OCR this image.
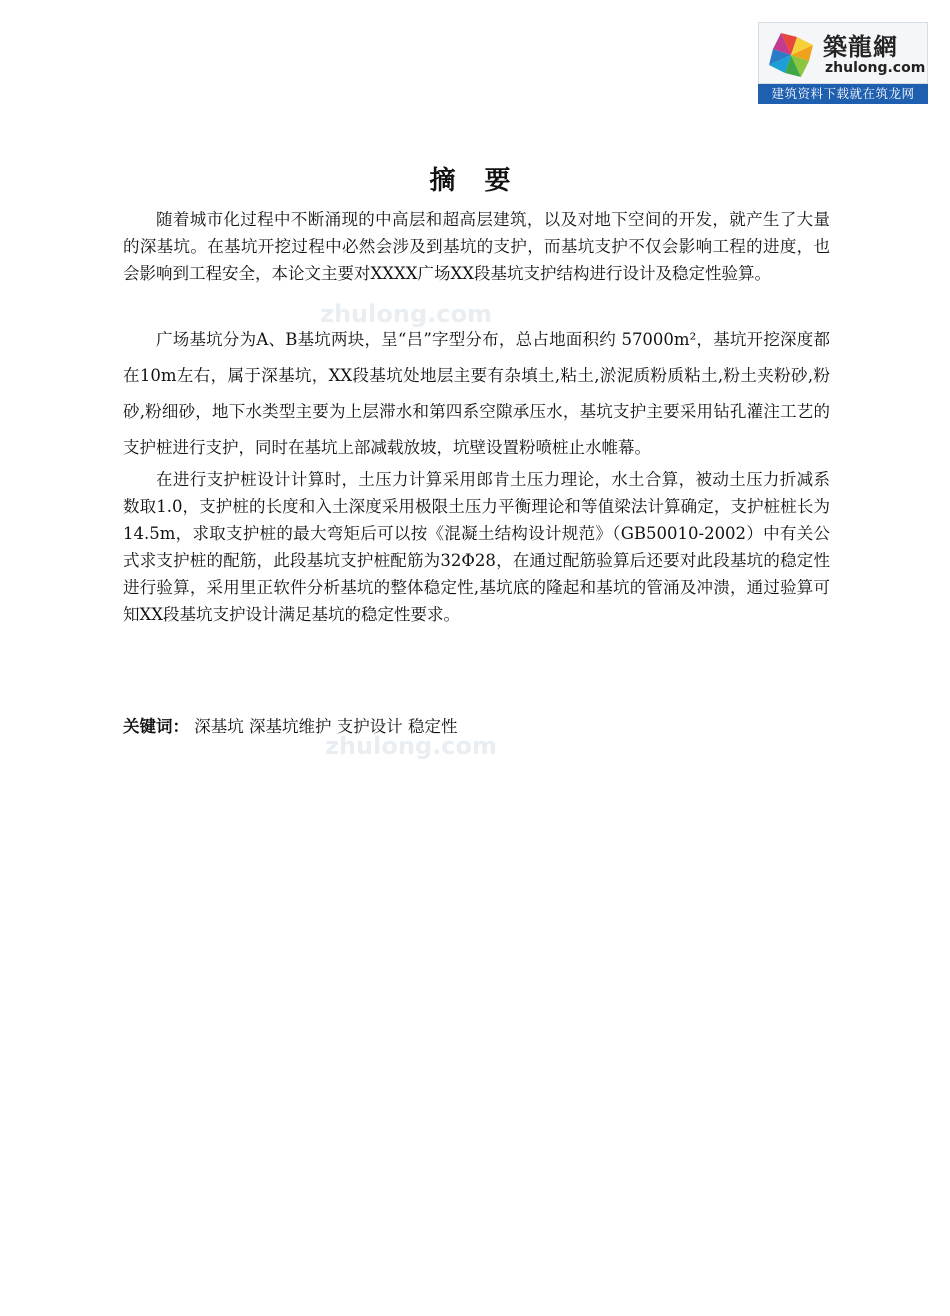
築龍網
zhulong.com
建筑资料下载就在筑龙网
zhulong.com
zhulong.com
摘 要

随着城市化过程中不断涌现的中高层和超高层建筑，以及对地下空间的开发，就产生了大量的深基坑。在基坑开挖过程中必然会涉及到基坑的支护，而基坑支护不仅会影响工程的进度，也会影响到工程安全，本论文主要对XXXX广场XX段基坑支护结构进行设计及稳定性验算。

广场基坑分为A、B基坑两块，呈“吕”字型分布，总占地面积约 57000m²，基坑开挖深度都在10m左右，属于深基坑，XX段基坑处地层主要有杂填土,粘土,淤泥质粉质粘土,粉土夹粉砂,粉砂,粉细砂，地下水类型主要为上层滞水和第四系空隙承压水，基坑支护主要采用钻孔灌注工艺的支护桩进行支护，同时在基坑上部减载放坡，坑壁设置粉喷桩止水帷幕。

在进行支护桩设计计算时，土压力计算采用郎肯土压力理论，水土合算，被动土压力折减系数取1.0，支护桩的长度和入土深度采用极限土压力平衡理论和等值梁法计算确定，支护桩桩长为14.5m，求取支护桩的最大弯矩后可以按《混凝土结构设计规范》（GB50010-2002）中有关公式求支护桩的配筋，此段基坑支护桩配筋为32Φ28，在通过配筋验算后还要对此段基坑的稳定性进行验算，采用里正软件分析基坑的整体稳定性,基坑底的隆起和基坑的管涌及冲溃，通过验算可知XX段基坑支护设计满足基坑的稳定性要求。

关键词： 深基坑 深基坑维护 支护设计 稳定性
